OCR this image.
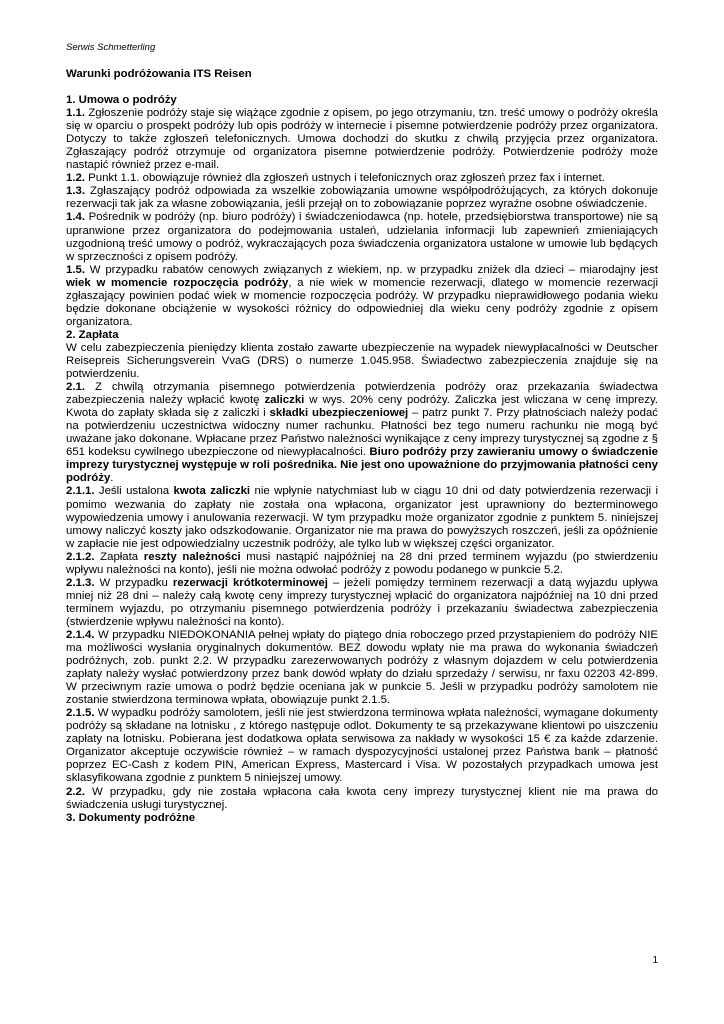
Serwis Schmetterling
Warunki podróżowania ITS Reisen
1. Umowa o podróży
1.1. Zgłoszenie podróży staje się wiążące zgodnie z opisem, po jego otrzymaniu, tzn. treść umowy o podróży określa się w oparciu o prospekt podróży lub opis podróży w internecie i pisemne potwierdzenie podróży przez organizatora. Dotyczy to także zgłoszeń telefonicznych. Umowa dochodzi do skutku z chwilą przyjęcia przez organizatora. Zgłaszający podróż otrzymuje od organizatora pisemne potwierdzenie podróży. Potwierdzenie podróży może nastapić również przez e-mail.
1.2. Punkt 1.1. obowiązuje również dla zgłoszeń ustnych i telefonicznych oraz zgłoszeń przez fax i internet.
1.3. Zgłaszający podróż odpowiada za wszelkie zobowiązania umowne współpodróżujących, za których dokonuje rezerwacji tak jak za własne zobowiązania, jeśli przejął on to zobowiązanie poprzez wyraźne osobne oświadczenie.
1.4. Pośrednik w podróży (np. biuro podróży) i świadczeniodawca (np. hotele, przedsiębiorstwa transportowe) nie są upranwione przez organizatora do podejmowania ustaleń, udzielania informacji lub zapewnień zmieniających uzgodnioną treść umowy o podróż, wykraczających poza świadczenia organizatora ustalone w umowie lub będących w sprzeczności z opisem podróży.
1.5. W przypadku rabatów cenowych związanych z wiekiem, np. w przypadku zniżek dla dzieci – miarodajny jest wiek w momencie rozpoczęcia podróży, a nie wiek w momencie rezerwacji, dlatego w momencie rezerwacji zgłaszający powinien podać wiek w momencie rozpoczęcia podróży. W przypadku nieprawidłowego podania wieku będzie dokonane obciążenie w wysokości różnicy do odpowiedniej dla wieku ceny podróży zgodnie z opisem organizatora.
2. Zapłata
W celu zabezpieczenia pieniędzy klienta zostało zawarte ubezpieczenie na wypadek niewypłacalności w Deutscher Reisepreis Sicherungsverein VvaG (DRS) o numerze 1.045.958. Świadectwo zabezpieczenia znajduje się na potwierdzeniu.
2.1. Z chwilą otrzymania pisemnego potwierdzenia potwierdzenia podróży oraz przekazania świadectwa zabezpieczenia należy wpłacić kwotę zaliczki w wys. 20% ceny podróży. Zaliczka jest wliczana w cenę imprezy. Kwota do zapłaty składa się z zaliczki i składki ubezpieczeniowej – patrz punkt 7. Przy płatnościach należy podać na potwierdzeniu uczestnictwa widoczny numer rachunku. Płatności bez tego numeru rachunku nie mogą być uważane jako dokonane. Wpłacane przez Państwo należności wynikające z ceny imprezy turystycznej są zgodne z § 651 kodeksu cywilnego ubezpieczone od niewypłacalności. Biuro podróży przy zawieraniu umowy o świadczenie imprezy turystycznej występuje w roli pośrednika. Nie jest ono upoważnione do przyjmowania płatności ceny podróży.
2.1.1. Jeśli ustalona kwota zaliczki nie wpłynie natychmiast lub w ciągu 10 dni od daty potwierdzenia rezerwacji i pomimo wezwania do zapłaty nie została ona wpłacona, organizator jest uprawniony do bezterminowego wypowiedzenia umowy i anulowania rezerwacji. W tym przypadku może organizator zgodnie z punktem 5. niniejszej umowy naliczyć koszty jako odszkodowanie. Organizator nie ma prawa do powyższych roszczeń, jeśli za opóźnienie w zapłacie nie jest odpowiedzialny uczestnik podróży, ale tylko lub w większej części organizator.
2.1.2. Zapłata reszty należności musi nastąpić najpóźniej na 28 dni przed terminem wyjazdu (po stwierdzeniu wpływu należności na konto), jeśli nie można odwołać podróży z powodu podanego w punkcie 5.2.
2.1.3. W przypadku rezerwacji krótkoterminowej – jeżeli pomiędzy terminem rezerwacji a datą wyjazdu upływa mniej niż 28 dni – należy całą kwotę ceny imprezy turystycznej wpłacić do organizatora najpóźniej na 10 dni przed terminem wyjazdu, po otrzymaniu pisemnego potwierdzenia podróży i przekazaniu świadectwa zabezpieczenia (stwierdzenie wpływu należności na konto).
2.1.4. W przypadku NIEDOKONANIA pełnej wpłaty do piątego dnia roboczego przed przystapieniem do podróży NIE ma możliwości wysłania oryginalnych dokumentów. BEZ dowodu wpłaty nie ma prawa do wykonania świadczeń podróżnych, zob. punkt 2.2. W przypadku zarezerwowanych podróży z własnym dojazdem w celu potwierdzenia zapłaty należy wysłać potwierdzony przez bank dowód wpłaty do działu sprzedaży / serwisu, nr faxu 02203 42-899. W przeciwnym razie umowa o podrż będzie oceniana jak w punkcie 5. Jeśli w przypadku podróży samolotem nie zostanie stwierdzona terminowa wpłata, obowiązuje punkt 2.1.5.
2.1.5. W wypadku podróży samolotem, jeśli nie jest stwierdzona terminowa wpłata należności, wymagane dokumenty podróży są składane na lotnisku , z którego następuje odlot. Dokumenty te są przekazywane klientowi po uiszczeniu zapłaty na lotnisku. Pobierana jest dodatkowa opłata serwisowa za nakłady w wysokości 15 € za każde zdarzenie. Organizator akceptuje oczywiście również – w ramach dyspozycyjności ustalonej przez Państwa bank – płatność poprzez EC-Cash z kodem PIN, American Express, Mastercard i Visa. W pozostałych przypadkach umowa jest sklasyfikowana zgodnie z punktem 5 niniejszej umowy.
2.2. W przypadku, gdy nie została wpłacona cała kwota ceny imprezy turystycznej klient nie ma prawa do świadczenia usługi turystycznej.
3. Dokumenty podróżne
1
